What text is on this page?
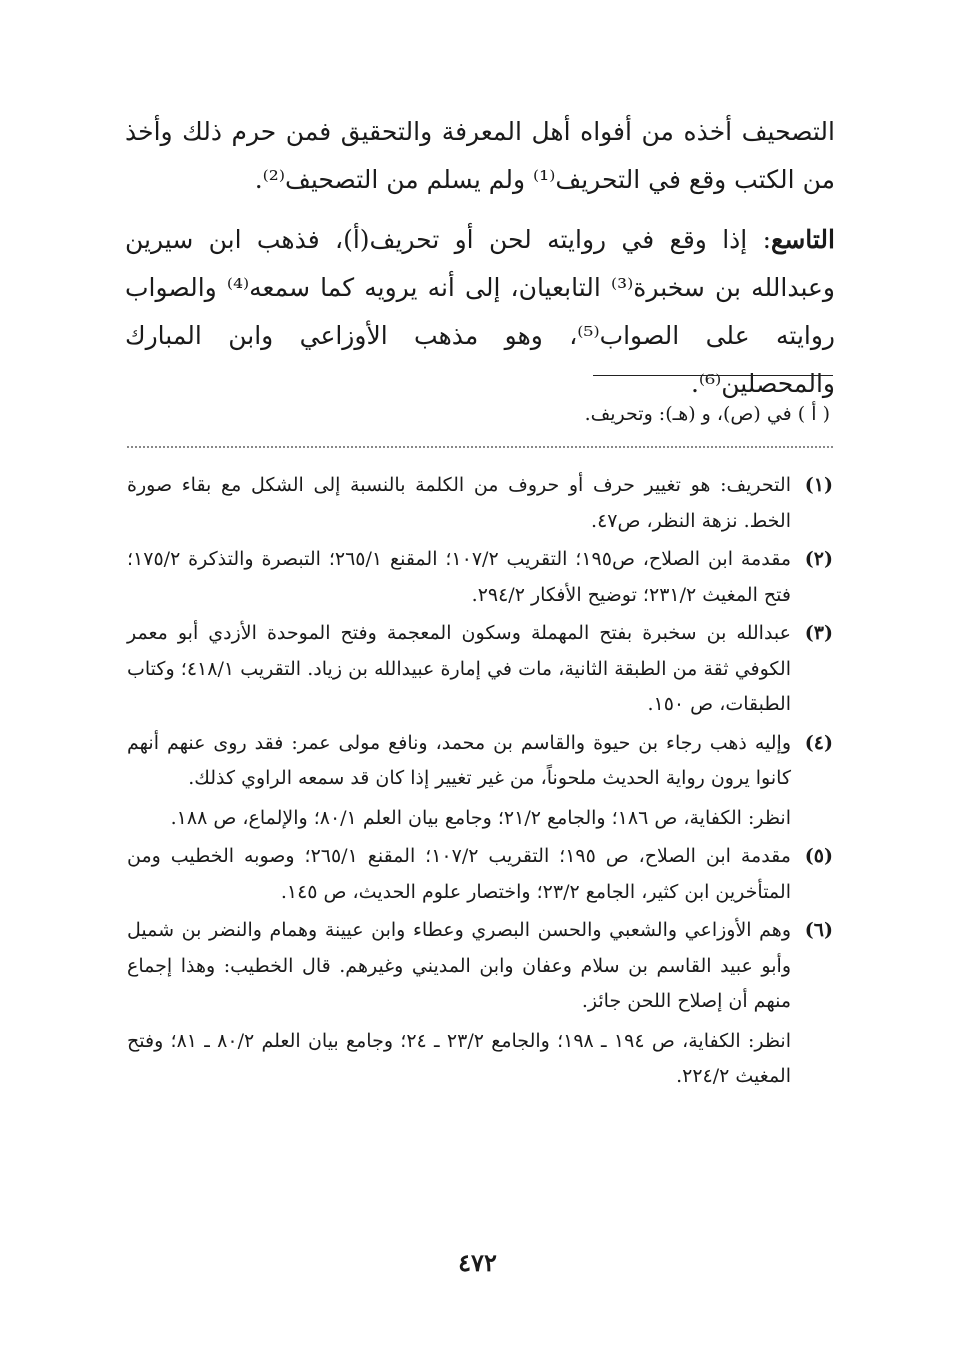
التصحيف أخذه من أفواه أهل المعرفة والتحقيق فمن حرم ذلك وأخذ من الكتب وقع في التحريف⁽¹⁾ ولم يسلم من التصحيف⁽²⁾.

التاسع: إذا وقع في روايته لحن أو تحريف(أ)، فذهب ابن سيرين وعبدالله بن سخبرة⁽³⁾ التابعيان، إلى أنه يرويه كما سمعه⁽⁴⁾ والصواب روايته على الصواب⁽⁵⁾، وهو مذهب الأوزاعي وابن المبارك والمحصلين⁽⁶⁾.

( أ ) في (ص)، و (هـ): وتحريف.
(١)

التحريف: هو تغيير حرف أو حروف من الكلمة بالنسبة إلى الشكل مع بقاء صورة الخط. نزهة النظر، ص٤٧.

(٢)

مقدمة ابن الصلاح، ص١٩٥؛ التقريب ١٠٧/٢؛ المقنع ٢٦٥/١؛ التبصرة والتذكرة ١٧٥/٢؛ فتح المغيث ٢٣١/٢؛ توضيح الأفكار ٢٩٤/٢.

(٣)

عبدالله بن سخبرة بفتح المهملة وسكون المعجمة وفتح الموحدة الأزدي أبو معمر الكوفي ثقة من الطبقة الثانية، مات في إمارة عبيدالله بن زياد. التقريب ٤١٨/١؛ وكتاب الطبقات، ص ١٥٠.

(٤)

وإليه ذهب رجاء بن حيوة والقاسم بن محمد، ونافع مولى عمر: فقد روى عنهم أنهم كانوا يرون رواية الحديث ملحوناً، من غير تغيير إذا كان قد سمعه الراوي كذلك.

انظر: الكفاية، ص ١٨٦؛ والجامع ٢١/٢؛ وجامع بيان العلم ٨٠/١؛ والإلماع، ص ١٨٨.

(٥)

مقدمة ابن الصلاح، ص ١٩٥؛ التقريب ١٠٧/٢؛ المقنع ٢٦٥/١؛ وصوبه الخطيب ومن المتأخرين ابن كثير، الجامع ٢٣/٢؛ واختصار علوم الحديث، ص ١٤٥.

(٦)

وهم الأوزاعي والشعبي والحسن البصري وعطاء وابن عيينة وهمام والنضر بن شميل وأبو عبيد القاسم بن سلام وعفان وابن المديني وغيرهم. قال الخطيب: وهذا إجماع منهم أن إصلاح اللحن جائز.

انظر: الكفاية، ص ١٩٤ ـ ١٩٨؛ والجامع ٢٣/٢ ـ ٢٤؛ وجامع بيان العلم ٨٠/٢ ـ ٨١؛ وفتح المغيث ٢٢٤/٢.

٤٧٢
